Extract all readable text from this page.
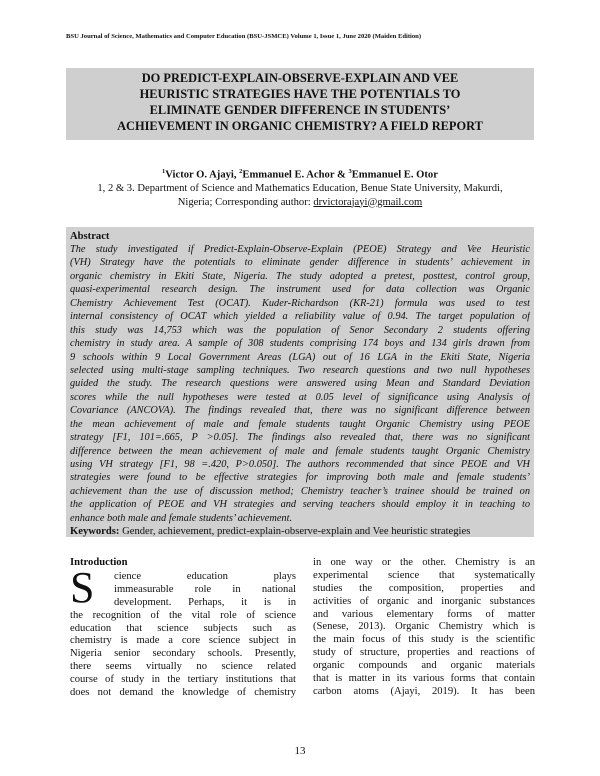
BSU Journal of Science, Mathematics and Computer Education (BSU-JSMCE) Volume 1, Issue 1, June 2020 (Maiden Edition)
DO PREDICT-EXPLAIN-OBSERVE-EXPLAIN AND VEE
HEURISTIC STRATEGIES HAVE THE POTENTIALS TO
ELIMINATE GENDER DIFFERENCE IN STUDENTS’
ACHIEVEMENT IN ORGANIC CHEMISTRY? A FIELD REPORT
$^1$Victor O. Ajayi, $^2$Emmanuel E. Achor & $^3$Emmanuel E. Otor
1, 2 & 3. Department of Science and Mathematics Education, Benue State University, Makurdi,
Nigeria; Corresponding author: drvictorajayi@gmail.com
Abstract
The study investigated if Predict-Explain-Observe-Explain (PEOE) Strategy and Vee Heuristic
(VH) Strategy have the potentials to eliminate gender difference in students’ achievement in
organic chemistry in Ekiti State, Nigeria. The study adopted a pretest, posttest, control group,
quasi-experimental research design. The instrument used for data collection was Organic
Chemistry Achievement Test (OCAT). Kuder-Richardson (KR-21) formula was used to test
internal consistency of OCAT which yielded a reliability value of 0.94. The target population of
this study was 14,753 which was the population of Senor Secondary 2 students offering
chemistry in study area. A sample of 308 students comprising 174 boys and 134 girls drawn from
9 schools within 9 Local Government Areas (LGA) out of 16 LGA in the Ekiti State, Nigeria
selected using multi-stage sampling techniques. Two research questions and two null hypotheses
guided the study. The research questions were answered using Mean and Standard Deviation
scores while the null hypotheses were tested at 0.05 level of significance using Analysis of
Covariance (ANCOVA). The findings revealed that, there was no significant difference between
the mean achievement of male and female students taught Organic Chemistry using PEOE
strategy [F1, 101=.665, P >0.05]. The findings also revealed that, there was no significant
difference between the mean achievement of male and female students taught Organic Chemistry
using VH strategy [F1, 98 =.420, P>0.050]. The authors recommended that since PEOE and VH
strategies were found to be effective strategies for improving both male and female students’
achievement than the use of discussion method; Chemistry teacher’s trainee should be trained on
the application of PEOE and VH strategies and serving teachers should employ it in teaching to
enhance both male and female students’ achievement.
Keywords: Gender, achievement, predict-explain-observe-explain and Vee heuristic strategies
Introduction
S	cience education plays
immeasurable role in national
development. Perhaps, it is in
the recognition of the vital role of science
education that science subjects such as
chemistry is made a core science subject in
Nigeria senior secondary schools. Presently,
there seems virtually no science related
course of study in the tertiary institutions that
does not demand the knowledge of chemistry
in one way or the other. Chemistry is an
experimental science that systematically
studies the composition, properties and
activities of organic and inorganic substances
and various elementary forms of matter
(Senese, 2013). Organic Chemistry which is
the main focus of this study is the scientific
study of structure, properties and reactions of
organic compounds and organic materials
that is matter in its various forms that contain
carbon atoms (Ajayi, 2019). It has been
13
